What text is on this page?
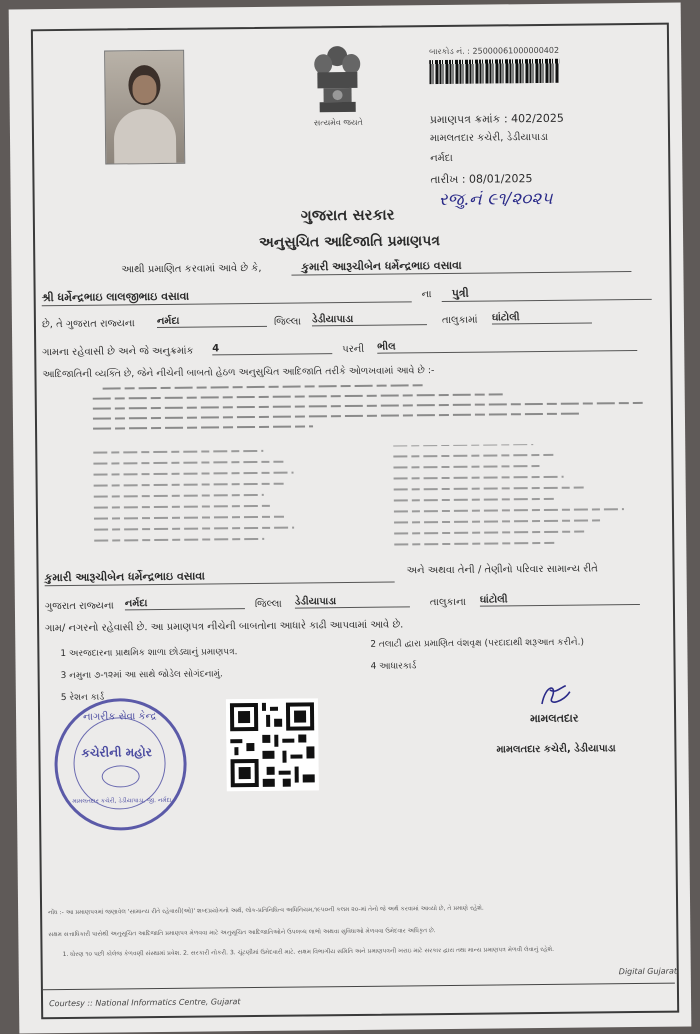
સત્યમેવ જયતે
બારકોડ નં. : 25000061000000402
પ્રમાણપત્ર ક્રમાંક : 402/2025
મામલતદાર કચેરી, ડેડીયાપાડા
નર્મદા
તારીખ : 08/01/2025
રજુ.નં ૯૧/૨૦૨૫
ગુજરાત સરકાર
અનુસુચિત આદિજાતિ પ્રમાણપત્ર
આથી પ્રમાણિત કરવામાં આવે છે કે,	કુમારી આરૂચીબેન ધર્મેન્દ્રભાઇ વસાવા
શ્રી ધર્મેન્દ્રભાઇ લાલજીભાઇ વસાવા	ના	પુત્રી
છે, તે ગુજરાત રાજ્યના નર્મદા	જિલ્લા ડેડીયાપાડા	તાલુકામાં ઘાંટોલી
ગામના રહેવાસી છે અને જે અનુક્રમાંક 4	પરની ભીલ
આદિજાતિની વ્યક્તિ છે, જેને નીચેની બાબતો હેઠળ અનુસુચિત આદિજાતિ તરીકે ઓળખવામાં આવે છે :-
કુમારી આરૂચીબેન ધર્મેન્દ્રભાઇ વસાવા	અને અથવા તેની / તેણીનો પરિવાર સામાન્ય રીતે
ગુજરાત રાજ્યના નર્મદા	જિલ્લા ડેડીયાપાડા	તાલુકાના ઘાંટોલી
ગામ/ નગરનો રહેવાસી છે. આ પ્રમાણપત્ર નીચેની બાબતોના આધારે કાઢી આપવામાં આવે છે.
1 અરજદારના પ્રાથમિક શાળા છોડ્યાનું પ્રમાણપત્ર.
2 તલાટી દ્વારા પ્રમાણિત વંશવૃક્ષ (પરદાદાથી શરૂઆત કરીને.)
3 નમુના ૭-૧૨માં આ સાથે જોડેલ સોગંદનામું.
4 આધારકાર્ડ
5 રેશન કાર્ડ
નાગરીક સેવા કેન્દ્ર
કચેરીની મહોર
મામલતદાર કચેરી, ડેડીયાપાડા, જી. નર્મદા
મામલતદાર
મામલતદાર કચેરી, ડેડીયાપાડા
નોંધ :- આ પ્રમાણપત્રમાં જણાવેલ 'સામાન્ય રીતે રહેવાસી(ઓ)' શબ્દપ્રયોગનો અર્થ, લોક-પ્રતિનિધિત્વ અધિનિયમ,૧૯૫૦ની કલમ ૨૦-માં તેનો જે અર્થ કરવામાં આવ્યો છે, તે પ્રમાણે રહેશે.
સક્ષમ સત્તાધિકારી પાસેથી અનુસૂચિત આદિજાતિ પ્રમાણપત્ર મેળવવા માટે અનુસૂચિત આદિજાતિઓને ઉપલબ્ધ લાભો અથવા સુવિધાઓ મેળવવા ઉમેદવાર અધિકૃત છે.
1. ધોરણ ૧૦ પછી કોલેજ કેળવણી સંસ્થામાં પ્રવેશ. 2. સરકારી નોકરી. 3. ચૂંટણીમાં ઉમેદવારી માટે. સક્ષમ વિભાગીય સમિતિ અને પ્રમાણપત્રની ખરાઇ માટે સરકાર દ્વારા તથા માન્ય પ્રમાણપત્ર મેળવી લેવાનું રહેશે.
Courtesy :: National Informatics Centre, Gujarat
Digital Gujarat
